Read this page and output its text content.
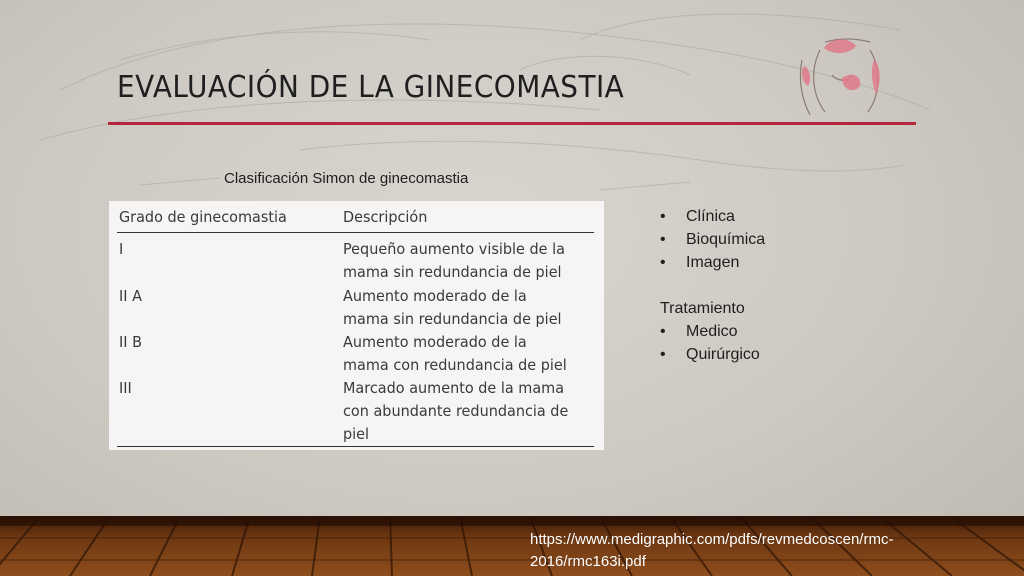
EVALUACIÓN DE LA GINECOMASTIA
Clasificación Simon de ginecomastia
Grado de ginecomastia	Descripción
I	Pequeño aumento visible de la
mama sin redundancia de piel
II A	Aumento moderado de la
mama sin redundancia de piel
II B	Aumento moderado de la
mama con redundancia de piel
III	Marcado aumento de la mama
con abundante redundancia de
piel
• Clínica
• Bioquímica
• Imagen
Tratamiento
• Medico
• Quirúrgico
https://www.medigraphic.com/pdfs/revmedcoscen/rmc-
2016/rmc163i.pdf
